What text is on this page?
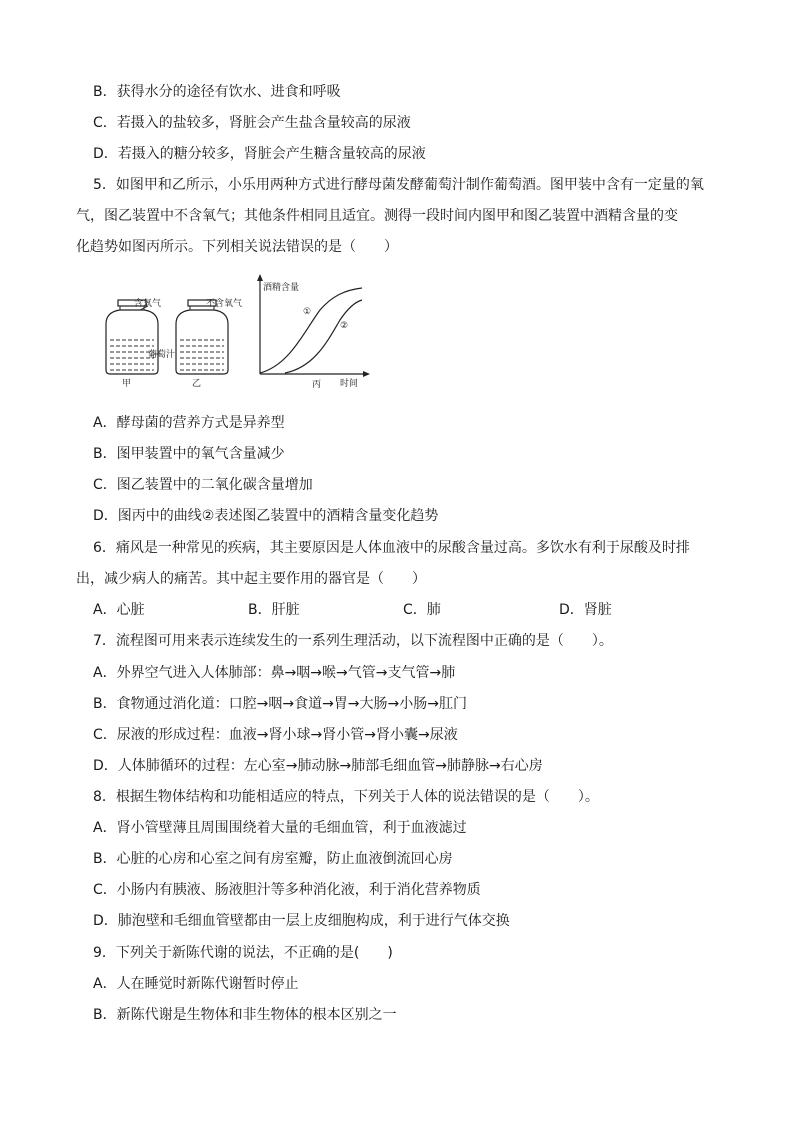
B．获得水分的途径有饮水、进食和呼吸
C．若摄入的盐较多，肾脏会产生盐含量较高的尿液
D．若摄入的糖分较多，肾脏会产生糖含量较高的尿液
5．如图甲和乙所示，小乐用两种方式进行酵母菌发酵葡萄汁制作葡萄酒。图甲装中含有一定量的氧
气，图乙装置中不含氧气；其他条件相同且适宜。测得一段时间内图甲和图乙装置中酒精含量的变
化趋势如图丙所示。下列相关说法错误的是（　　）
含氧气
甲
不含氧气
乙
葡萄汁
酒精含量
时间
丙
①
②
A．酵母菌的营养方式是异养型
B．图甲装置中的氧气含量减少
C．图乙装置中的二氧化碳含量增加
D．图丙中的曲线②表述图乙装置中的酒精含量变化趋势
6．痛风是一种常见的疾病，其主要原因是人体血液中的尿酸含量过高。多饮水有利于尿酸及时排
出，减少病人的痛苦。其中起主要作用的器官是（　　）
A．心脏	B．肝脏	C．肺	D．肾脏
7．流程图可用来表示连续发生的一系列生理活动，以下流程图中正确的是（　　）。
A．外界空气进入人体肺部：鼻→咽→喉→气管→支气管→肺
B．食物通过消化道：口腔→咽→食道→胃→大肠→小肠→肛门
C．尿液的形成过程：血液→肾小球→肾小管→肾小囊→尿液
D．人体肺循环的过程：左心室→肺动脉→肺部毛细血管→肺静脉→右心房
8．根据生物体结构和功能相适应的特点，下列关于人体的说法错误的是（　　）。
A．肾小管壁薄且周围围绕着大量的毛细血管，利于血液滤过
B．心脏的心房和心室之间有房室瓣，防止血液倒流回心房
C．小肠内有胰液、肠液胆汁等多种消化液，利于消化营养物质
D．肺泡壁和毛细血管壁都由一层上皮细胞构成，利于进行气体交换
9．下列关于新陈代谢的说法，不正确的是(　　)
A．人在睡觉时新陈代谢暂时停止
B．新陈代谢是生物体和非生物体的根本区别之一
